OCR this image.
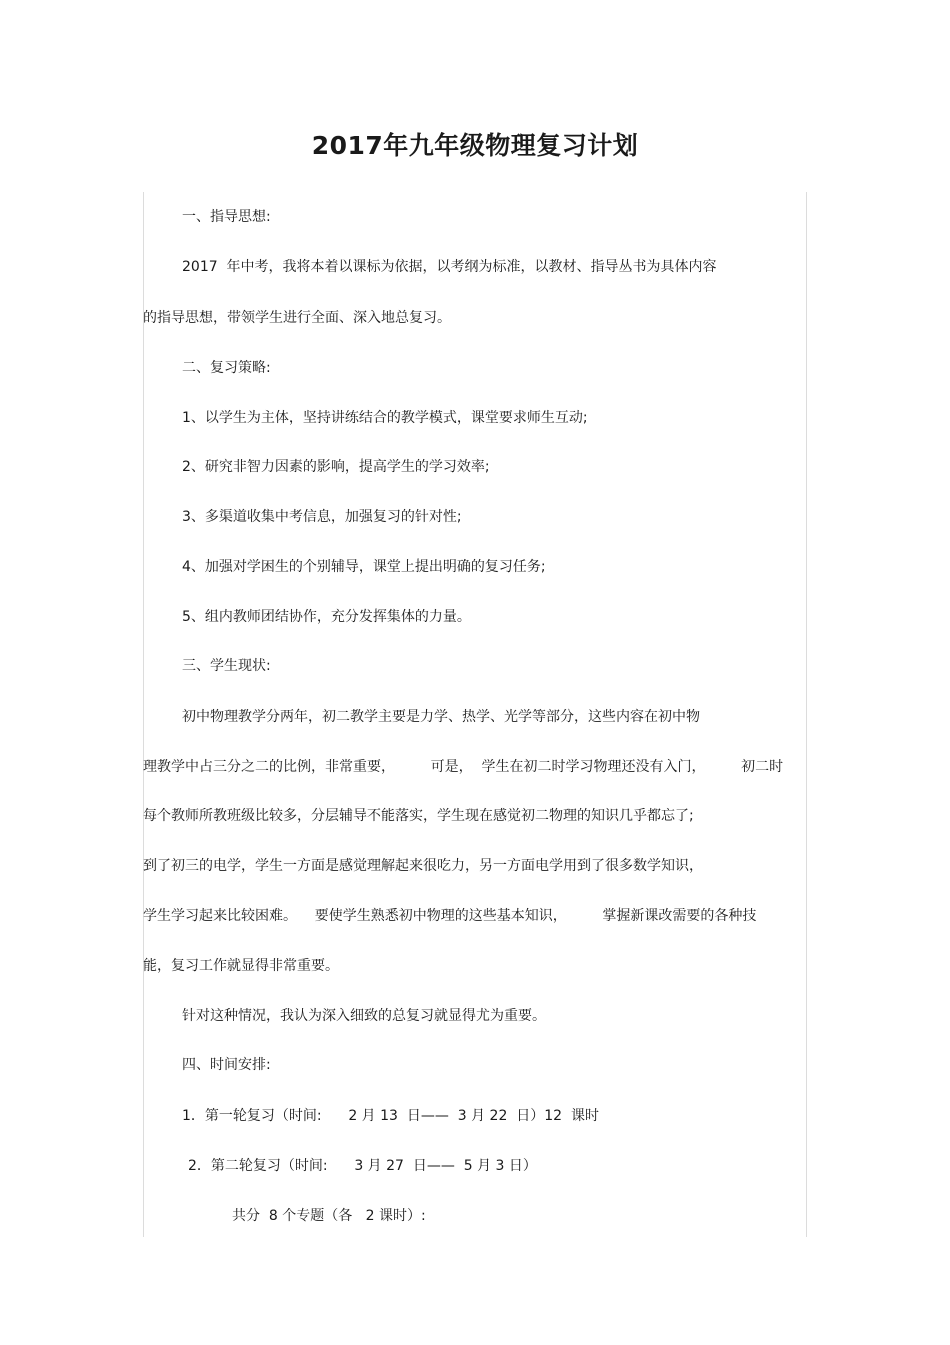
2017年九年级物理复习计划
一、指导思想:
2017  年中考，我将本着以课标为依据，以考纲为标准，以教材、指导丛书为具体内容
的指导思想，带领学生进行全面、深入地总复习。
二、复习策略:
1、以学生为主体，坚持讲练结合的教学模式，课堂要求师生互动;
2、研究非智力因素的影响，提高学生的学习效率;
3、多渠道收集中考信息，加强复习的针对性;
4、加强对学困生的个别辅导，课堂上提出明确的复习任务;
5、组内教师团结协作，充分发挥集体的力量。
三、学生现状:
初中物理教学分两年，初二教学主要是力学、热学、光学等部分，这些内容在初中物
理教学中占三分之二的比例，非常重要，        可是，  学生在初二时学习物理还没有入门，        初二时
每个教师所教班级比较多，分层辅导不能落实，学生现在感觉初二物理的知识几乎都忘了;
到了初三的电学，学生一方面是感觉理解起来很吃力，另一方面电学用到了很多数学知识，
学生学习起来比较困难。    要使学生熟悉初中物理的这些基本知识，        掌握新课改需要的各种技
能，复习工作就显得非常重要。
针对这种情况，我认为深入细致的总复习就显得尤为重要。
四、时间安排:
1．第一轮复习（时间:      2 月 13  日——  3 月 22  日）12  课时
2．第二轮复习（时间:      3 月 27  日——  5 月 3 日）
共分  8 个专题（各   2 课时）:
